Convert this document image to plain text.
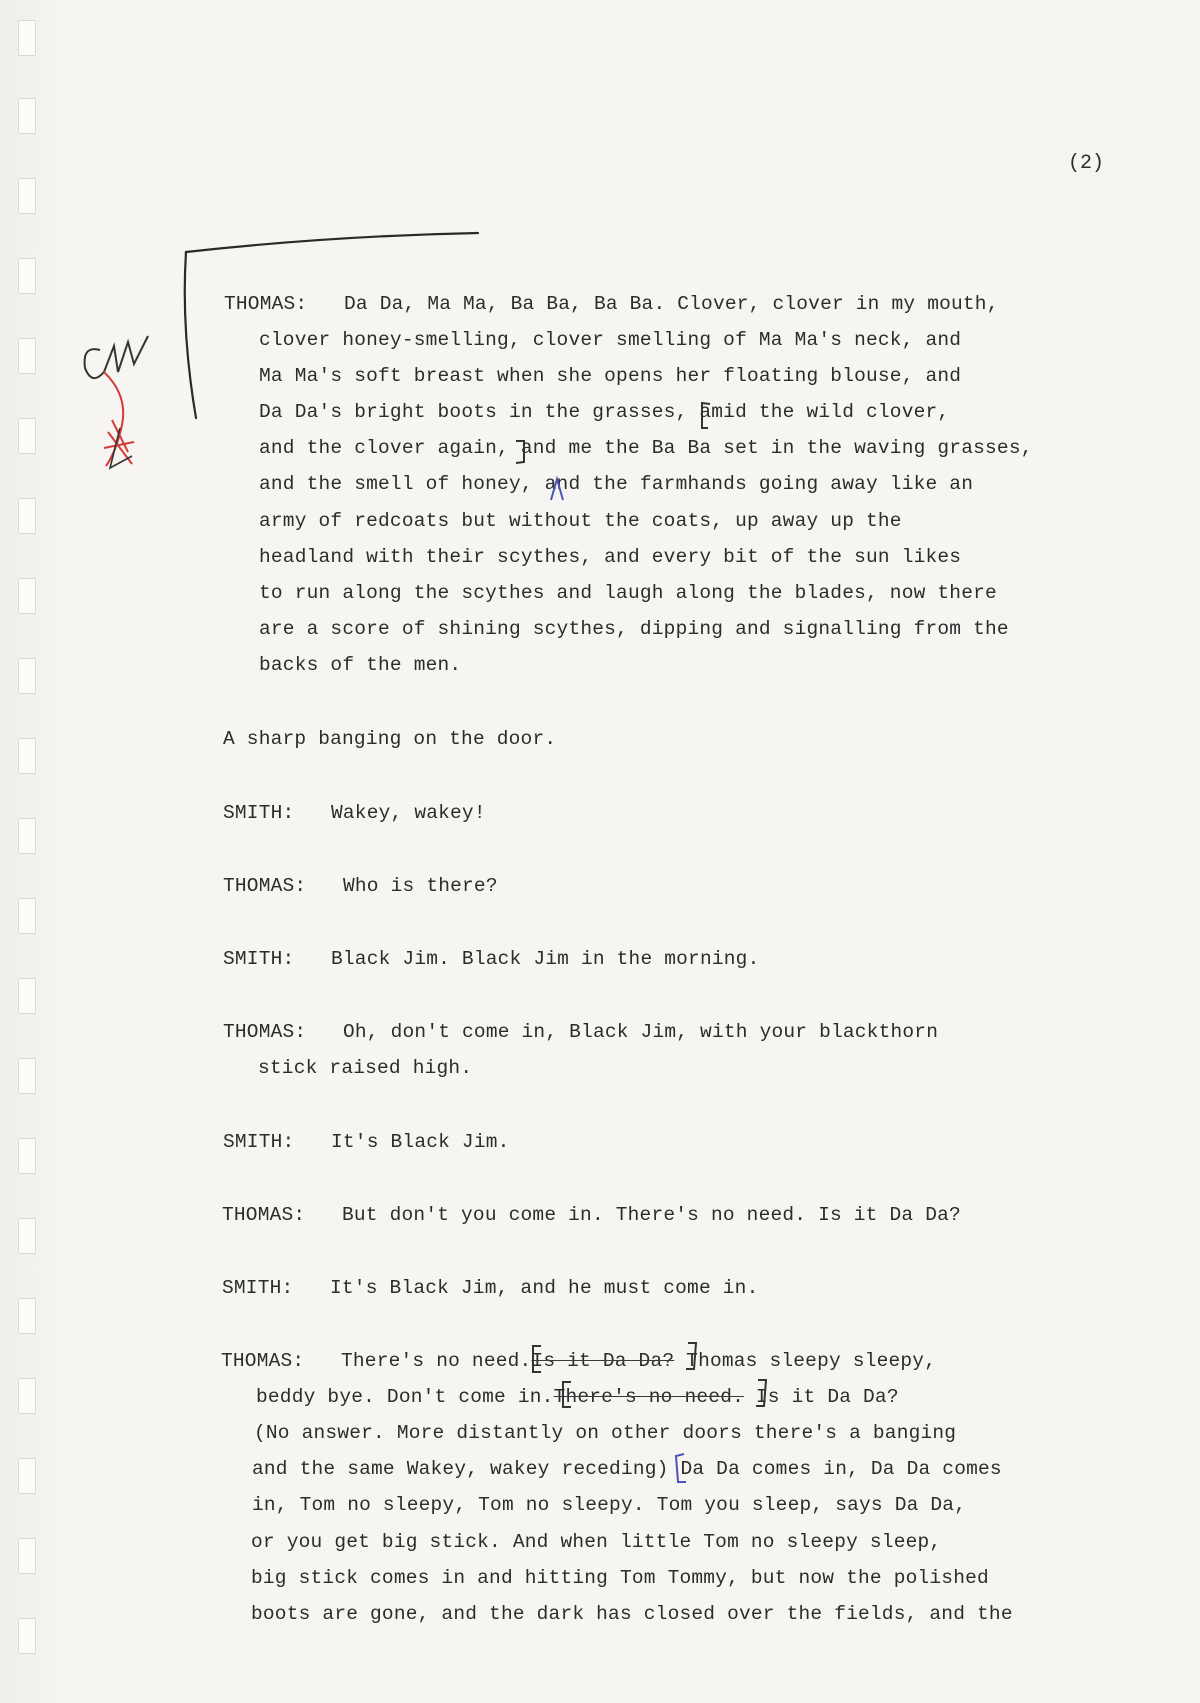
(2)
THOMAS: Da Da, Ma Ma, Ba Ba, Ba Ba. Clover, clover in my mouth,
clover honey-smelling, clover smelling of Ma Ma's neck, and
Ma Ma's soft breast when she opens her floating blouse, and
Da Da's bright boots in the grasses, amid the wild clover,
and the clover again, and me the Ba Ba set in the waving grasses,
and the smell of honey, and the farmhands going away like an
army of redcoats but without the coats, up away up the
headland with their scythes, and every bit of the sun likes
to run along the scythes and laugh along the blades, now there
are a score of shining scythes, dipping and signalling from the
backs of the men.
A sharp banging on the door.
SMITH: Wakey, wakey!
THOMAS: Who is there?
SMITH: Black Jim. Black Jim in the morning.
THOMAS: Oh, don't come in, Black Jim, with your blackthorn
stick raised high.
SMITH: It's Black Jim.
THOMAS: But don't you come in. There's no need. Is it Da Da?
SMITH: It's Black Jim, and he must come in.
THOMAS: There's no need.Is it Da Da? Thomas sleepy sleepy,
beddy bye. Don't come in.There's no need. Is it Da Da?
(No answer. More distantly on other doors there's a banging
and the same Wakey, wakey receding) Da Da comes in, Da Da comes
in, Tom no sleepy, Tom no sleepy. Tom you sleep, says Da Da,
or you get big stick. And when little Tom no sleepy sleep,
big stick comes in and hitting Tom Tommy, but now the polished
boots are gone, and the dark has closed over the fields, and the
